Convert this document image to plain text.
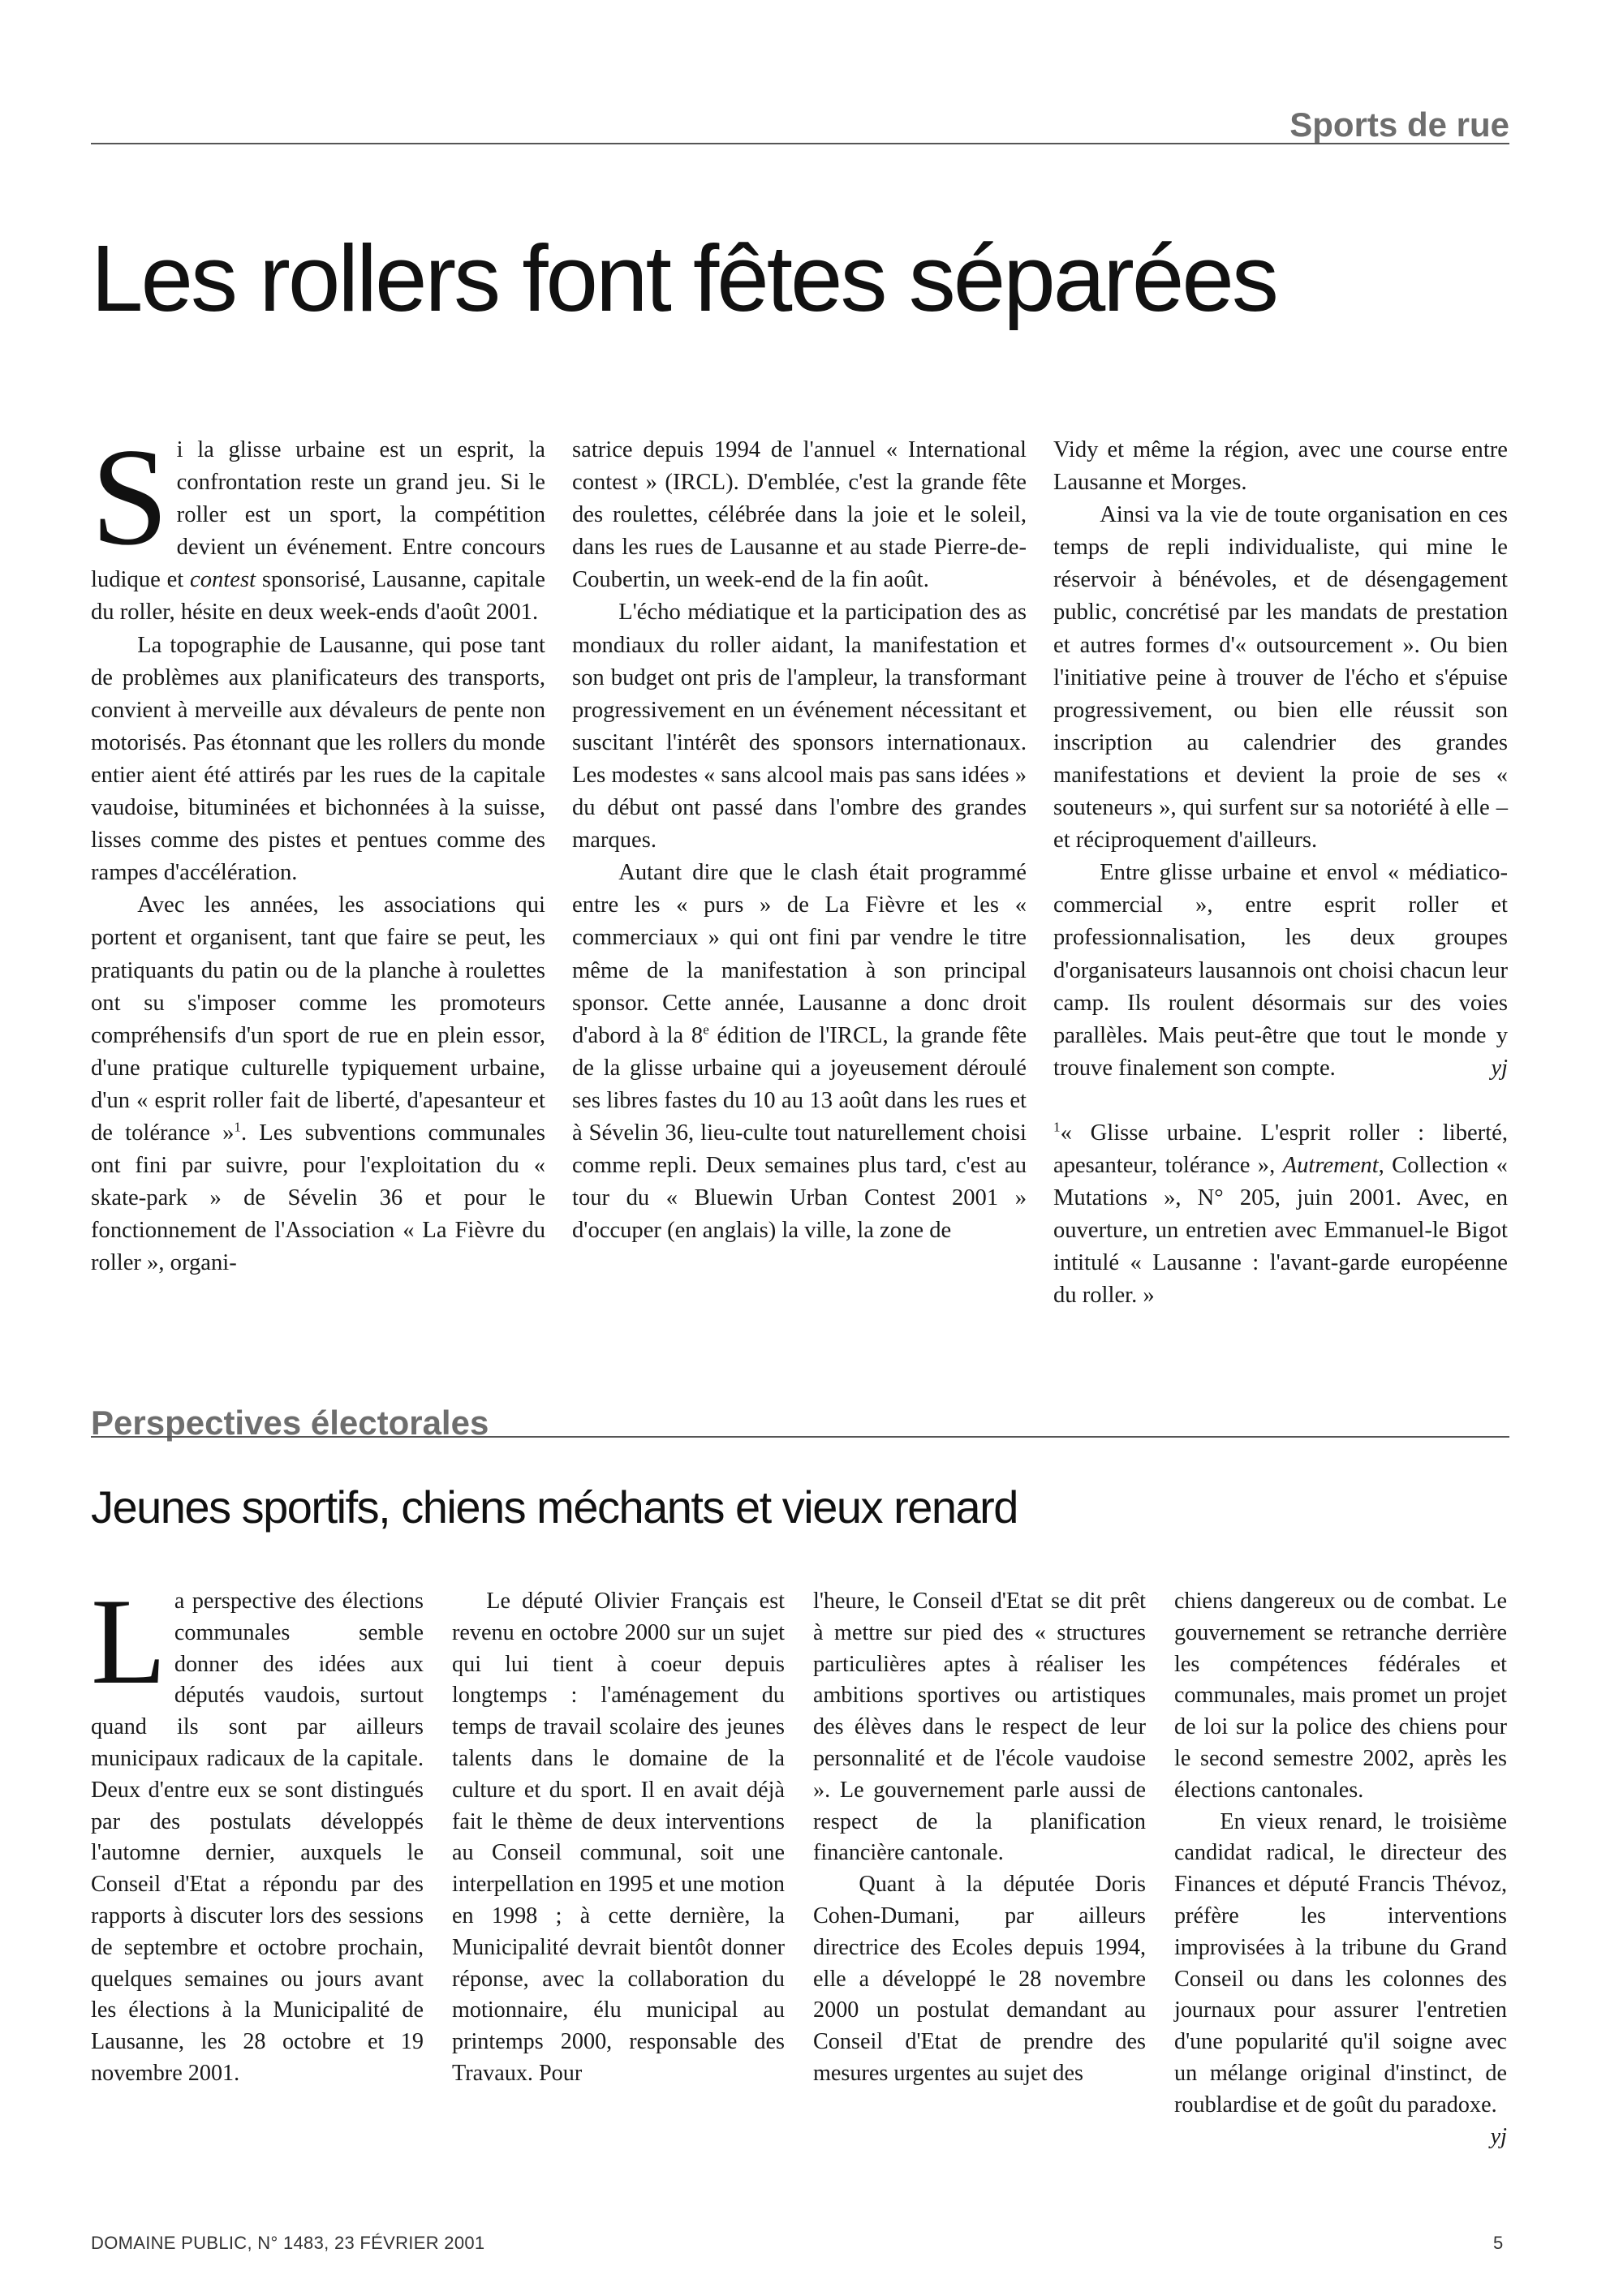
Sports de rue
Les rollers font fêtes séparées

Si la glisse urbaine est un esprit, la confrontation reste un grand jeu. Si le roller est un sport, la compétition devient un événement. Entre concours ludique et contest sponsorisé, Lausanne, capitale du roller, hésite en deux week-ends d'août 2001.

La topographie de Lausanne, qui pose tant de problèmes aux planificateurs des transports, convient à merveille aux dévaleurs de pente non motorisés. Pas étonnant que les rollers du monde entier aient été attirés par les rues de la capitale vaudoise, bituminées et bichonnées à la suisse, lisses comme des pistes et pentues comme des rampes d'accélération.

Avec les années, les associations qui portent et organisent, tant que faire se peut, les pratiquants du patin ou de la planche à roulettes ont su s'imposer comme les promoteurs compréhensifs d'un sport de rue en plein essor, d'une pratique culturelle typiquement urbaine, d'un « esprit roller fait de liberté, d'apesanteur et de tolérance »$^1$. Les subventions communales ont fini par suivre, pour l'exploitation du « skate-park » de Sévelin 36 et pour le fonctionnement de l'Association « La Fièvre du roller », organi-

satrice depuis 1994 de l'annuel « International contest » (IRCL). D'emblée, c'est la grande fête des roulettes, célébrée dans la joie et le soleil, dans les rues de Lausanne et au stade Pierre-de-Coubertin, un week-end de la fin août.

L'écho médiatique et la participation des as mondiaux du roller aidant, la manifestation et son budget ont pris de l'ampleur, la transformant progressivement en un événement nécessitant et suscitant l'intérêt des sponsors internationaux. Les modestes « sans alcool mais pas sans idées » du début ont passé dans l'ombre des grandes marques.

Autant dire que le clash était programmé entre les « purs » de La Fièvre et les « commerciaux » qui ont fini par vendre le titre même de la manifestation à son principal sponsor. Cette année, Lausanne a donc droit d'abord à la 8e édition de l'IRCL, la grande fête de la glisse urbaine qui a joyeusement déroulé ses libres fastes du 10 au 13 août dans les rues et à Sévelin 36, lieu-culte tout naturellement choisi comme repli. Deux semaines plus tard, c'est au tour du « Bluewin Urban Contest 2001 » d'occuper (en anglais) la ville, la zone de

Vidy et même la région, avec une course entre Lausanne et Morges.

Ainsi va la vie de toute organisation en ces temps de repli individualiste, qui mine le réservoir à bénévoles, et de désengagement public, concrétisé par les mandats de prestation et autres formes d'« outsourcement ». Ou bien l'initiative peine à trouver de l'écho et s'épuise progressivement, ou bien elle réussit son inscription au calendrier des grandes manifestations et devient la proie de ses « souteneurs », qui surfent sur sa notoriété à elle – et réciproquement d'ailleurs.

Entre glisse urbaine et envol « médiatico-commercial », entre esprit roller et professionnalisation, les deux groupes d'organisateurs lausannois ont choisi chacun leur camp. Ils roulent désormais sur des voies parallèles. Mais peut-être que tout le monde y trouve finalement son compte.	yj

$^1$« Glisse urbaine. L'esprit roller : liberté, apesanteur, tolérance », Autrement, Collection « Mutations », N° 205, juin 2001. Avec, en ouverture, un entretien avec Emmanuel-le Bigot intitulé « Lausanne : l'avant-garde européenne du roller. »

Perspectives électorales
Jeunes sportifs, chiens méchants et vieux renard

La perspective des élections communales semble donner des idées aux députés vaudois, surtout quand ils sont par ailleurs municipaux radicaux de la capitale. Deux d'entre eux se sont distingués par des postulats développés l'automne dernier, auxquels le Conseil d'Etat a répondu par des rapports à discuter lors des sessions de septembre et octobre prochain, quelques semaines ou jours avant les élections à la Municipalité de Lausanne, les 28 octobre et 19 novembre 2001.

Le député Olivier Français est revenu en octobre 2000 sur un sujet qui lui tient à coeur depuis longtemps : l'aménagement du temps de travail scolaire des jeunes talents dans le domaine de la culture et du sport. Il en avait déjà fait le thème de deux interventions au Conseil communal, soit une interpellation en 1995 et une motion en 1998 ; à cette dernière, la Municipalité devrait bientôt donner réponse, avec la collaboration du motionnaire, élu municipal au printemps 2000, responsable des Travaux. Pour

l'heure, le Conseil d'Etat se dit prêt à mettre sur pied des « structures particulières aptes à réaliser les ambitions sportives ou artistiques des élèves dans le respect de leur personnalité et de l'école vaudoise ». Le gouvernement parle aussi de respect de la planification financière cantonale.

Quant à la députée Doris Cohen-Dumani, par ailleurs directrice des Ecoles depuis 1994, elle a développé le 28 novembre 2000 un postulat demandant au Conseil d'Etat de prendre des mesures urgentes au sujet des

chiens dangereux ou de combat. Le gouvernement se retranche derrière les compétences fédérales et communales, mais promet un projet de loi sur la police des chiens pour le second semestre 2002, après les élections cantonales.

En vieux renard, le troisième candidat radical, le directeur des Finances et député Francis Thévoz, préfère les interventions improvisées à la tribune du Grand Conseil ou dans les colonnes des journaux pour assurer l'entretien d'une popularité qu'il soigne avec un mélange original d'instinct, de roublardise et de goût du paradoxe.
yj

DOMAINE PUBLIC, N° 1483, 23 FÉVRIER 2001	5
